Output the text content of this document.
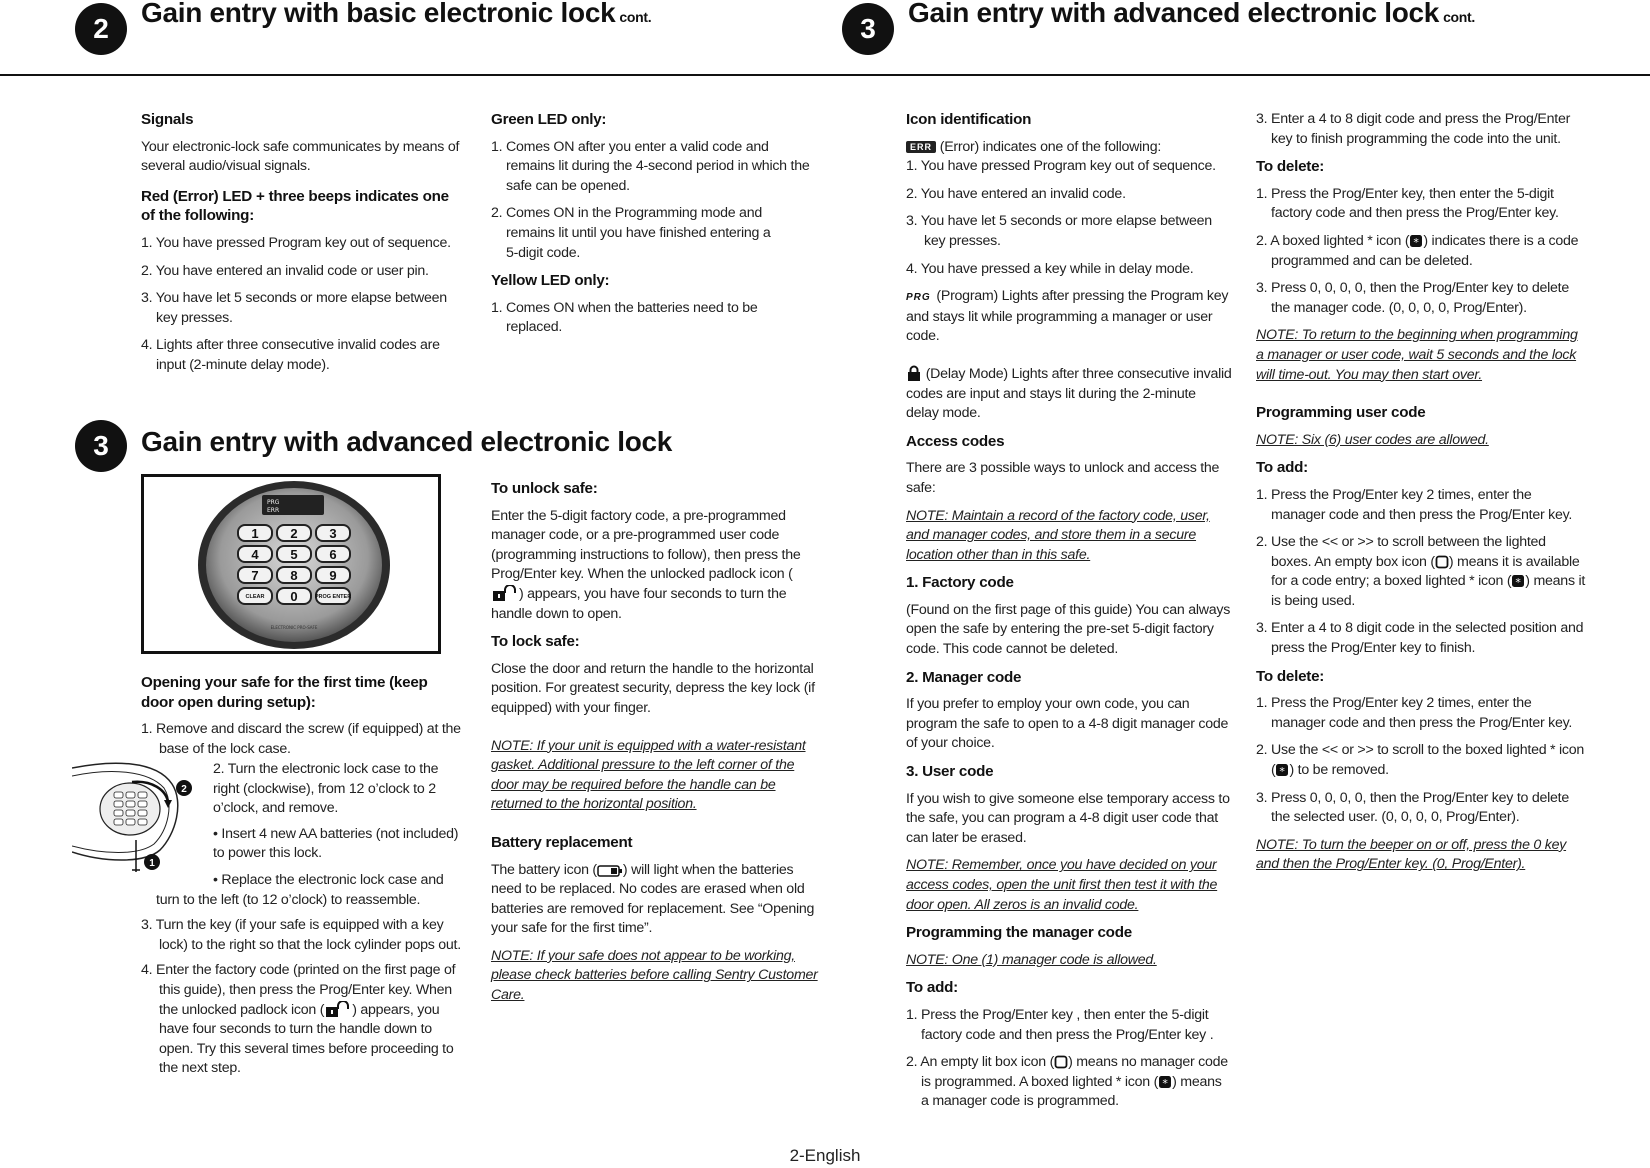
2
Gain entry with basic electronic lock cont.	3
Gain entry with advanced electronic lock cont.

Signals

Your electronic-lock safe communicates by means of several audio/visual signals.

Red (Error) LED + three beeps indicates one of the following:

1. You have pressed Program key out of sequence.

2. You have entered an invalid code or user pin.

3. You have let 5 seconds or more elapse between key presses.

4. Lights after three consecutive invalid codes are input (2-minute delay mode).

Green LED only:

1. Comes ON after you enter a valid code and remains lit during the 4-second period in which the safe can be opened.

2. Comes ON in the Programming mode and remains lit until you have finished entering a 5-digit code.

Yellow LED only:

1. Comes ON when the batteries need to be replaced.

3 Gain entry with advanced electronic lock
PRG
ERR
1 2 3
4 5 6
7 8 9
CLEAR 0	PROG ENTER
ELECTRONIC PRO-SAFE

Opening your safe for the first time (keep door open during setup):

1. Remove and discard the screw (if equipped) at the base of the lock case.

2
1

2. Turn the electronic lock case to the right (clockwise), from 12 o’clock to 2 o’clock, and remove.

• Insert 4 new AA batteries (not included) to power this lock.

• Replace the electronic lock case and turn to the left (to 12 o’clock) to reassemble.

3. Turn the key (if your safe is equipped with a key lock) to the right so that the lock cylinder pops out.

4. Enter the factory code (printed on the first page of this guide), then press the Prog/Enter key. When the unlocked padlock icon ( ) appears, you have four seconds to turn the handle down to open. Try this several times before proceeding to the next step.

To unlock safe:

Enter the 5-digit factory code, a pre-programmed manager code, or a pre-programmed user code (programming instructions to follow), then press the Prog/Enter key. When the unlocked padlock icon () appears, you have four seconds to turn the handle down to open.

To lock safe:

Close the door and return the handle to the horizontal position. For greatest security, depress the key lock (if equipped) with your finger.

NOTE: If your unit is equipped with a water-resistant gasket. Additional pressure to the left corner of the door may be required before the handle can be returned to the horizontal position.

Battery replacement

The battery icon ( ) will light when the batteries need to be replaced. No codes are erased when old batteries are removed for replacement. See “Opening your safe for the first time”.

NOTE: If your safe does not appear to be working, please check batteries before calling Sentry Customer Care.

Icon identification

ERR (Error) indicates one of the following:

1. You have pressed Program key out of sequence.

2. You have entered an invalid code.

3. You have let 5 seconds or more elapse between key presses.

4. You have pressed a key while in delay mode.

PRG (Program) Lights after pressing the Program key and stays lit while programming a manager or user code.

(Delay Mode) Lights after three consecutive invalid codes are input and stays lit during the 2-minute delay mode.

Access codes

There are 3 possible ways to unlock and access the safe:

NOTE: Maintain a record of the factory code, user, and manager codes, and store them in a secure location other than in this safe.

1. Factory code

(Found on the first page of this guide) You can always open the safe by entering the pre-set 5-digit factory code. This code cannot be deleted.

2. Manager code

If you prefer to employ your own code, you can program the safe to open to a 4-8 digit manager code of your choice.

3. User code

If you wish to give someone else temporary access to the safe, you can program a 4-8 digit user code that can later be erased.

NOTE: Remember, once you have decided on your access codes, open the unit first then test it with the door open. All zeros is an invalid code.

Programming the manager code

NOTE: One (1) manager code is allowed.

To add:

1. Press the Prog/Enter key , then enter the 5-digit factory code and then press the Prog/Enter key .

2. An empty lit box icon ( ) means no manager code is programmed. A boxed lighted * icon ( * ) means a manager code is programmed.

3. Enter a 4 to 8 digit code and press the Prog/Enter key to finish programming the code into the unit.

To delete:

1. Press the Prog/Enter key, then enter the 5-digit factory code and then press the Prog/Enter key.

2. A boxed lighted * icon ( * ) indicates there is a code programmed and can be deleted.

3. Press 0, 0, 0, 0, then the Prog/Enter key to delete the manager code. (0, 0, 0, 0, Prog/Enter).

NOTE: To return to the beginning when programming a manager or user code, wait 5 seconds and the lock will time-out. You may then start over.

Programming user code

NOTE: Six (6) user codes are allowed.

To add:

1. Press the Prog/Enter key 2 times, enter the manager code and then press the Prog/Enter key.

2. Use the << or >> to scroll between the lighted boxes. An empty box icon ( ) means it is available for a code entry; a boxed lighted * icon ( * ) means it is being used.

3. Enter a 4 to 8 digit code in the selected position and press the Prog/Enter key to finish.

To delete:

1. Press the Prog/Enter key 2 times, enter the manager code and then press the Prog/Enter key.

2. Use the << or >> to scroll to the boxed lighted * icon ( * ) to be removed.

3. Press 0, 0, 0, 0, then the Prog/Enter key to delete the selected user. (0, 0, 0, 0, Prog/Enter).

NOTE: To turn the beeper on or off, press the 0 key and then the Prog/Enter key. (0, Prog/Enter).

2-English
